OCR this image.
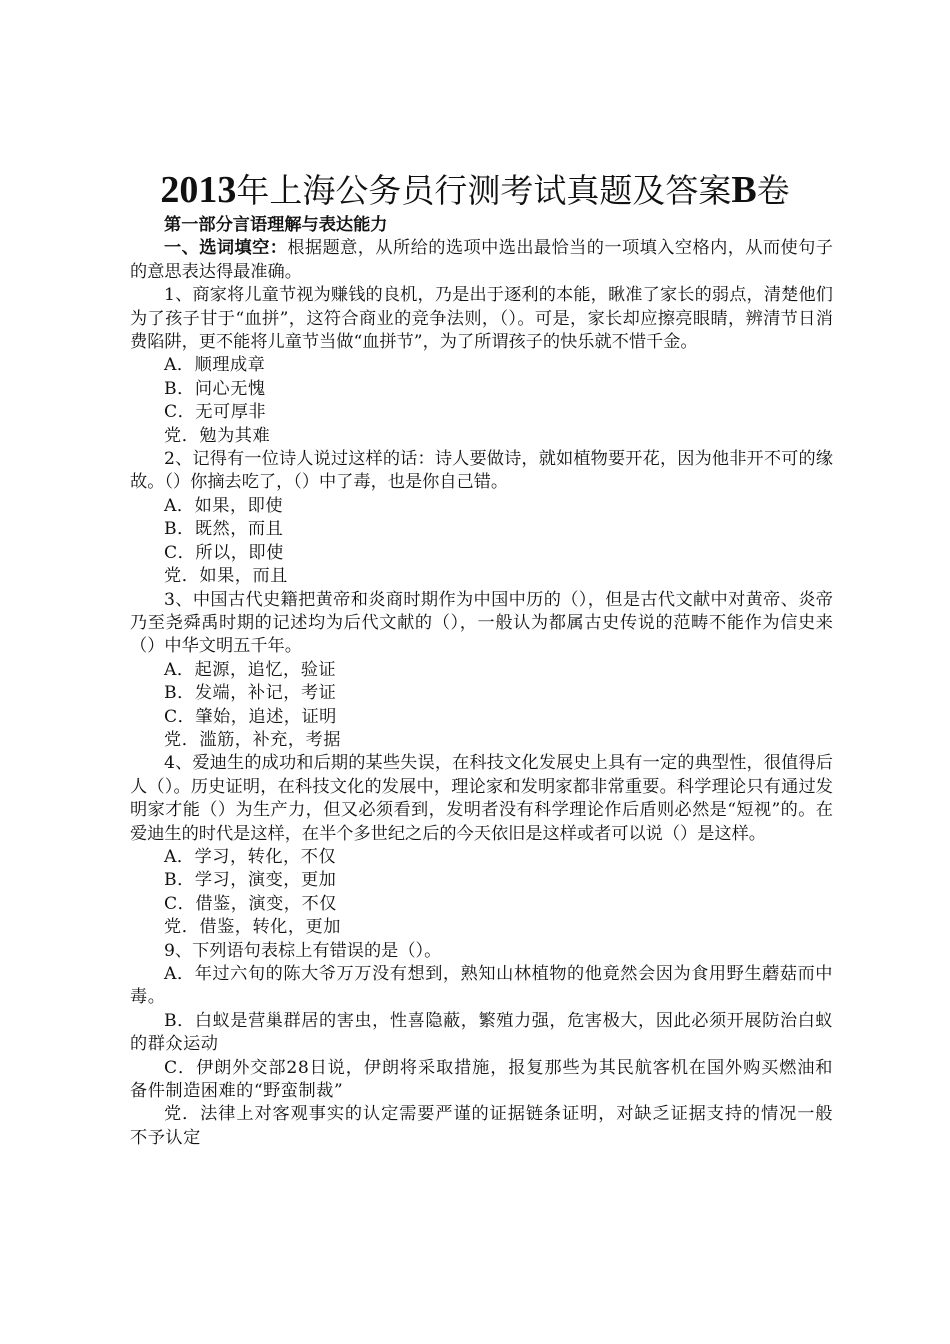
2013年上海公务员行测考试真题及答案B卷

第一部分言语理解与表达能力

一、选词填空：根据题意，从所给的选项中选出最恰当的一项填入空格内，从而使句子的意思表达得最准确。

1、商家将儿童节视为赚钱的良机，乃是出于逐利的本能，瞅准了家长的弱点，清楚他们为了孩子甘于“血拼”，这符合商业的竞争法则，（）。可是，家长却应擦亮眼睛，辨清节日消费陷阱，更不能将儿童节当做“血拼节”，为了所谓孩子的快乐就不惜千金。

A．顺理成章

B．问心无愧

C．无可厚非

党．勉为其难

2、记得有一位诗人说过这样的话：诗人要做诗，就如植物要开花，因为他非开不可的缘故。（）你摘去吃了，（）中了毒，也是你自己错。

A．如果，即使

B．既然，而且

C．所以，即使

党．如果，而且

3、中国古代史籍把黄帝和炎商时期作为中国中历的（），但是古代文献中对黄帝、炎帝乃至尧舜禹时期的记述均为后代文献的（），一般认为都属古史传说的范畴不能作为信史来（）中华文明五千年。

A．起源，追忆，验证

B．发端，补记，考证

C．肇始，追述，证明

党．滥筋，补充，考据

4、爱迪生的成功和后期的某些失误，在科技文化发展史上具有一定的典型性，很值得后人（）。历史证明，在科技文化的发展中，理论家和发明家都非常重要。科学理论只有通过发明家才能（）为生产力，但又必须看到，发明者没有科学理论作后盾则必然是“短视”的。在爱迪生的时代是这样，在半个多世纪之后的今天依旧是这样或者可以说（）是这样。

A．学习，转化，不仅

B．学习，演变，更加

C．借鉴，演变，不仅

党．借鉴，转化，更加

9、下列语句表棕上有错误的是（）。

A．年过六旬的陈大爷万万没有想到，熟知山林植物的他竟然会因为食用野生蘑菇而中毒。

B．白蚁是营巢群居的害虫，性喜隐蔽，繁殖力强，危害极大，因此必须开展防治白蚁的群众运动

C．伊朗外交部28日说，伊朗将采取措施，报复那些为其民航客机在国外购买燃油和备件制造困难的“野蛮制裁”

党．法律上对客观事实的认定需要严谨的证据链条证明，对缺乏证据支持的情况一般不予认定
